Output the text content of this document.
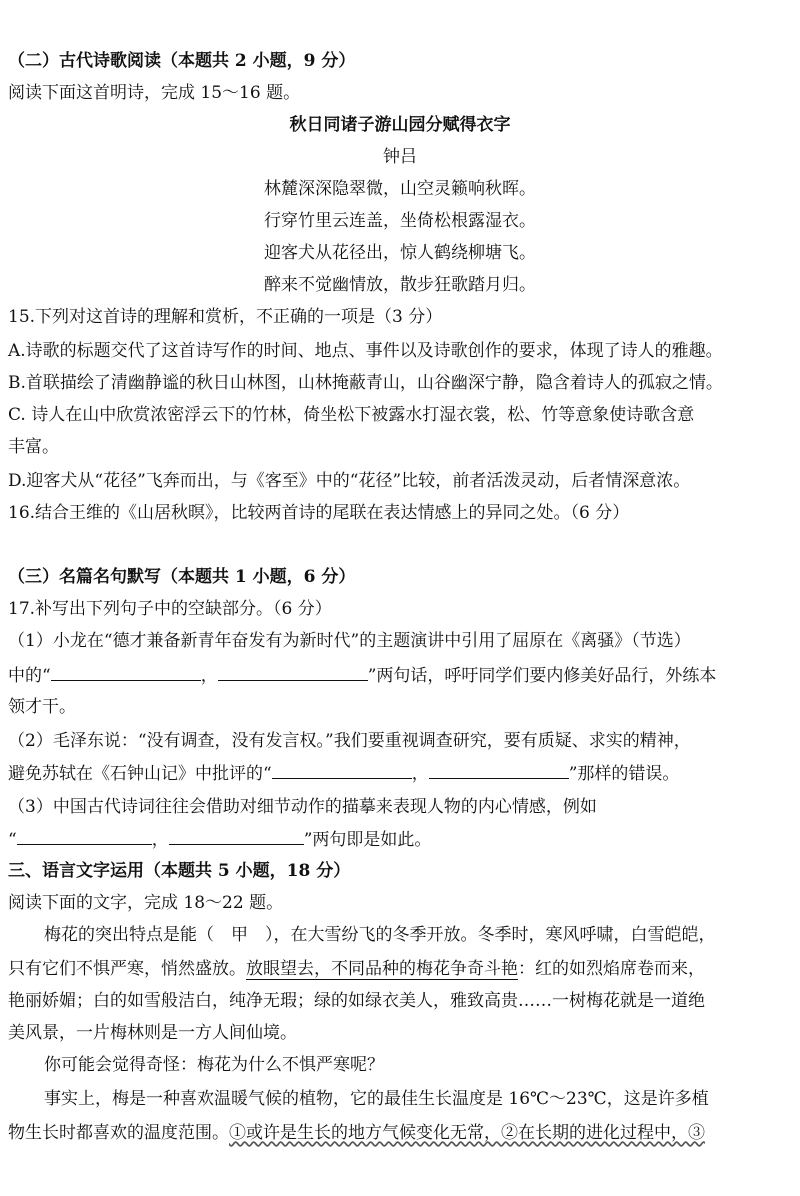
（二）古代诗歌阅读（本题共 2 小题，9 分）
阅读下面这首明诗，完成 15～16 题。
秋日同诸子游山园分赋得衣字
钟吕
林麓深深隐翠微，山空灵籁响秋晖。
行穿竹里云连盖，坐倚松根露湿衣。
迎客犬从花径出，惊人鹤绕柳塘飞。
醉来不觉幽情放，散步狂歌踏月归。
15.下列对这首诗的理解和赏析，不正确的一项是（3 分）
A.诗歌的标题交代了这首诗写作的时间、地点、事件以及诗歌创作的要求，体现了诗人的雅趣。
B.首联描绘了清幽静谧的秋日山林图，山林掩蔽青山，山谷幽深宁静，隐含着诗人的孤寂之情。
C. 诗人在山中欣赏浓密浮云下的竹林，倚坐松下被露水打湿衣裳，松、竹等意象使诗歌含意
丰富。
D.迎客犬从“花径”飞奔而出，与《客至》中的“花径”比较，前者活泼灵动，后者情深意浓。
16.结合王维的《山居秋暝》，比较两首诗的尾联在表达情感上的异同之处。（6 分）
（三）名篇名句默写（本题共 1 小题，6 分）
17.补写出下列句子中的空缺部分。（6 分）
（1）小龙在“德才兼备新青年奋发有为新时代”的主题演讲中引用了屈原在《离骚》（节选）
中的“	，	”两句话，呼吁同学们要内修美好品行，外练本
领才干。
（2）毛泽东说：“没有调查，没有发言权。”我们要重视调查研究，要有质疑、求实的精神，
避免苏轼在《石钟山记》中批评的“	，	”那样的错误。
（3）中国古代诗词往往会借助对细节动作的描摹来表现人物的内心情感，例如
“	，	”两句即是如此。
三、语言文字运用（本题共 5 小题，18 分）
阅读下面的文字，完成 18～22 题。
梅花的突出特点是能（　甲　），在大雪纷飞的冬季开放。冬季时，寒风呼啸，白雪皑皑，
只有它们不惧严寒，悄然盛放。放眼望去，不同品种的梅花争奇斗艳：红的如烈焰席卷而来，
艳丽娇媚；白的如雪般洁白，纯净无瑕；绿的如绿衣美人，雅致高贵……一树梅花就是一道绝
美风景，一片梅林则是一方人间仙境。
你可能会觉得奇怪：梅花为什么不惧严寒呢？
事实上，梅是一种喜欢温暖气候的植物，它的最佳生长温度是 16℃～23℃，这是许多植
物生长时都喜欢的温度范围。①或许是生长的地方气候变化无常，②在长期的进化过程中，③
